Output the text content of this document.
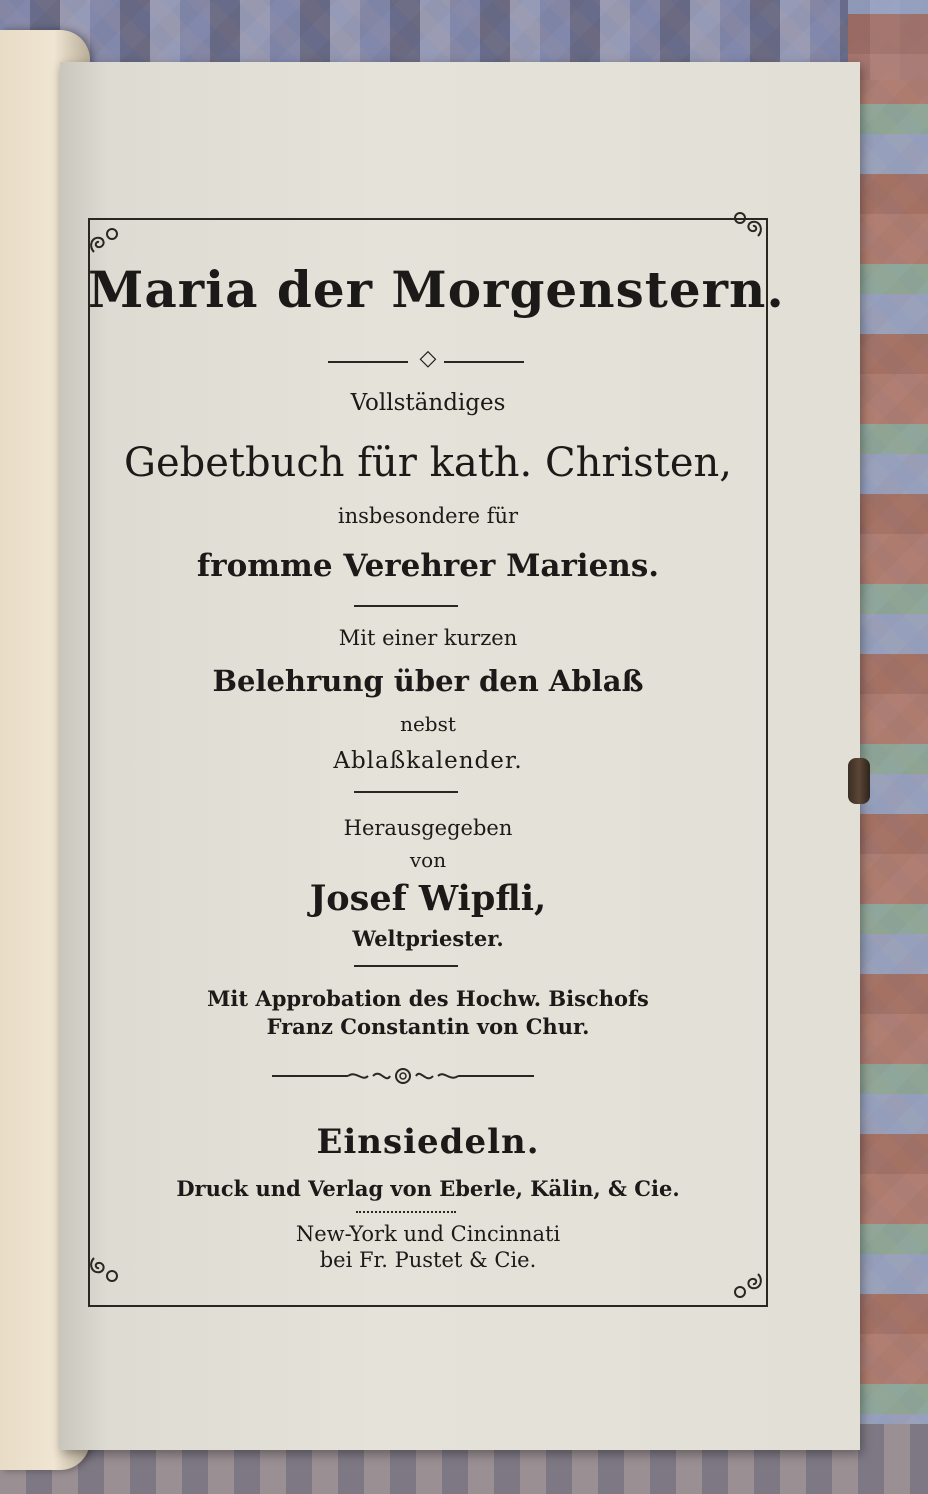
Maria der Morgenstern.
◇
Vollständiges
Gebetbuch für kath. Christen,
insbesondere für
fromme Verehrer Mariens.
Mit einer kurzen
Belehrung über den Ablaß
nebst
Ablaßkalender.
Herausgegeben
von
Josef Wipfli,
Weltpriester.
Mit Approbation des Hochw. Bischofs
Franz Constantin von Chur.
Einsiedeln.
Druck und Verlag von Eberle, Kälin, & Cie.
New-York und Cincinnati
bei Fr. Pustet & Cie.
